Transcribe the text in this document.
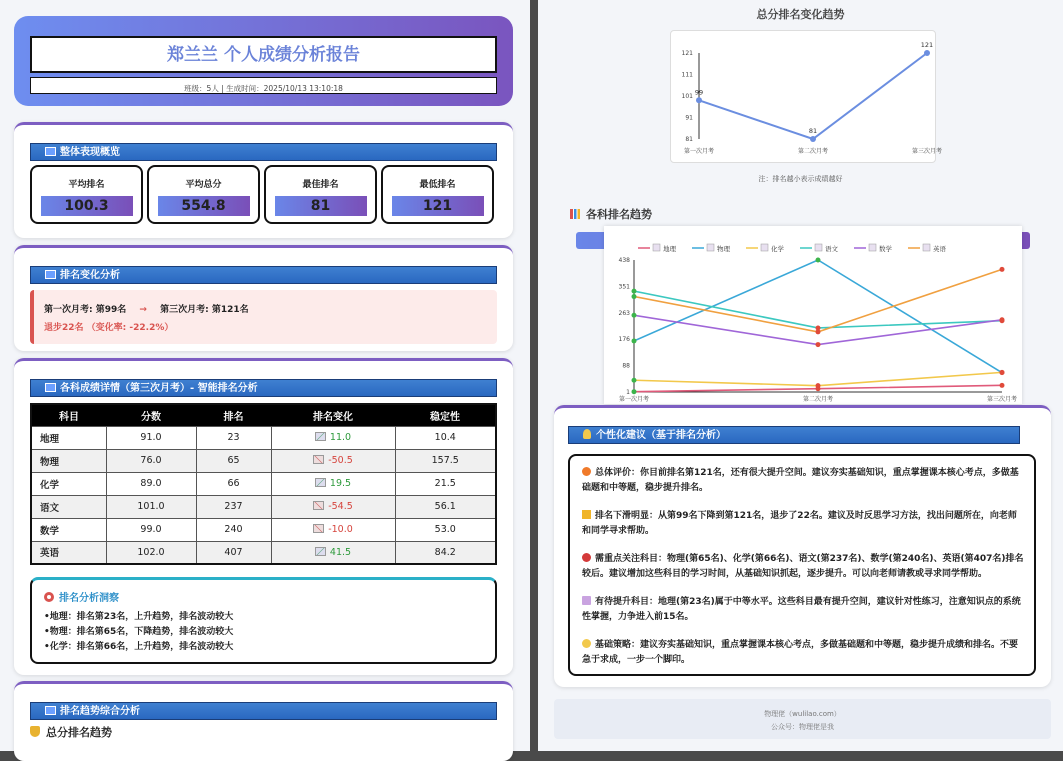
郑兰兰 个人成绩分析报告
班级：5人 | 生成时间：2025/10/13 13:10:18
整体表现概览
平均排名
100.3
平均总分
554.8
最佳排名
81
最低排名
121
排名变化分析
第一次月考: 第99名 → 第三次月考: 第121名
退步22名 （变化率: -22.2%）
各科成绩详情（第三次月考）- 智能排名分析
科目	分数	排名	排名变化	稳定性
地理	91.0	23	11.0	10.4
物理	76.0	65	-50.5	157.5
化学	89.0	66	19.5	21.5
语文	101.0	237	-54.5	56.1
数学	99.0	240	-10.0	53.0
英语	102.0	407	41.5	84.2
排名分析洞察
•地理：排名第23名，上升趋势，排名波动较大
•物理：排名第65名，下降趋势，排名波动较大
•化学：排名第66名，上升趋势，排名波动较大
排名趋势综合分析
总分排名趋势
总分排名变化趋势
81
91
101
111
121
第一次月考	第二次月考	第三次月考
99
81
121
注：排名越小表示成绩越好
各科排名趋势
1
88
176
263
351
438
第一次月考	第二次月考	第三次月考
地理	物理	化学	语文	数学	英语
个性化建议（基于排名分析）

总体评价：你目前排名第121名，还有很大提升空间。建议夯实基础知识，重点掌握课本核心考点，多做基础题和中等题，稳步提升排名。

排名下滑明显：从第99名下降到第121名，退步了22名。建议及时反思学习方法，找出问题所在，向老师和同学寻求帮助。

需重点关注科目：物理(第65名)、化学(第66名)、语文(第237名)、数学(第240名)、英语(第407名)排名较后。建议增加这些科目的学习时间，从基础知识抓起，逐步提升。可以向老师请教或寻求同学帮助。

有待提升科目：地理(第23名)属于中等水平。这些科目最有提升空间，建议针对性练习，注意知识点的系统性掌握，力争进入前15名。

基础策略：建议夯实基础知识，重点掌握课本核心考点，多做基础题和中等题，稳步提升成绩和排名。不要急于求成，一步一个脚印。

物理佬（wulilao.com）
公众号：物理佬是我
